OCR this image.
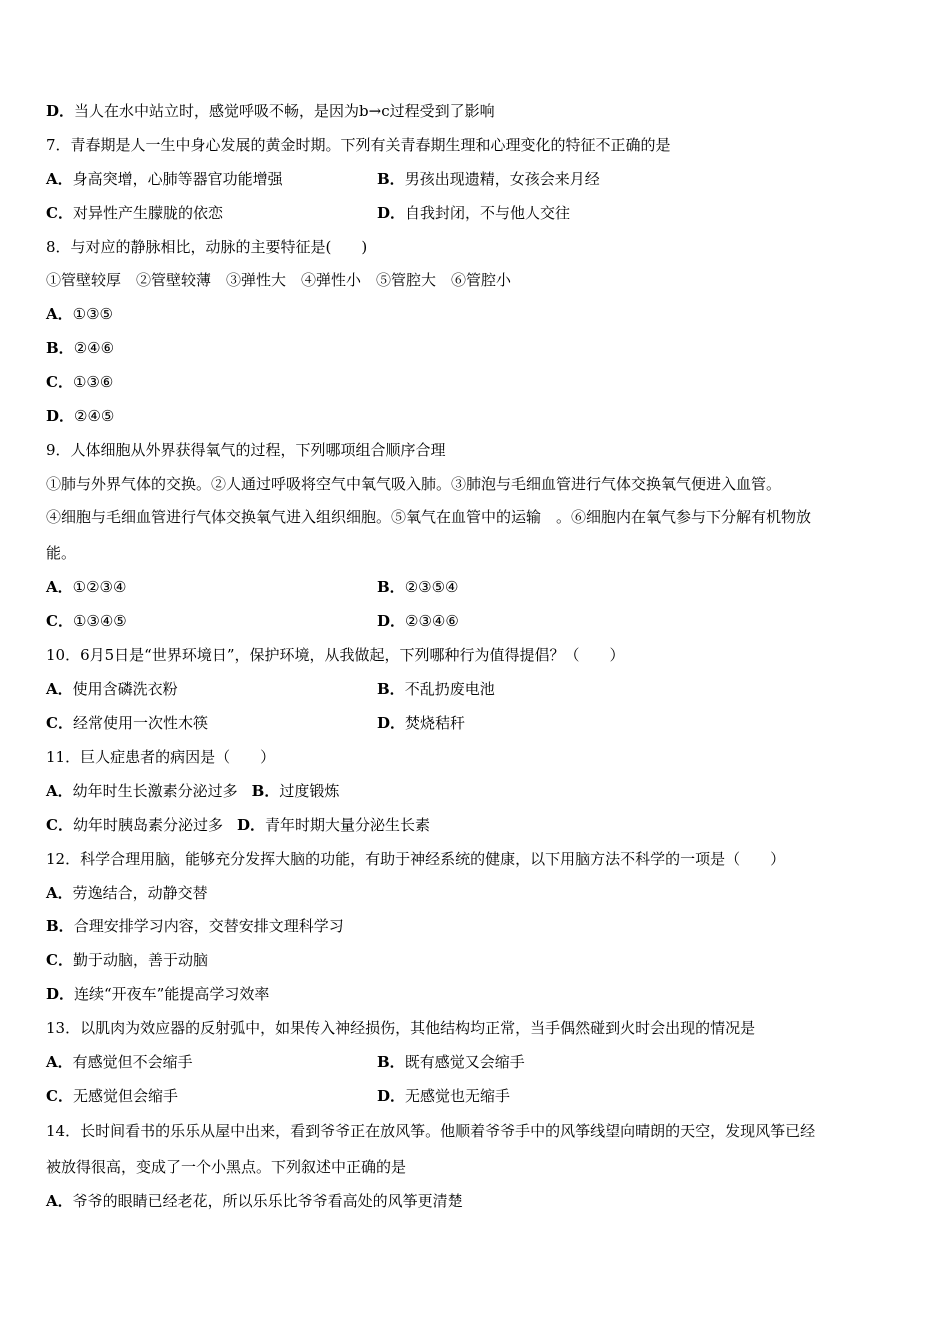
D．当人在水中站立时，感觉呼吸不畅，是因为b→c过程受到了影响
7．青春期是人一生中身心发展的黄金时期。下列有关青春期生理和心理变化的特征不正确的是
A．身高突增，心肺等器官功能增强	B．男孩出现遗精，女孩会来月经
C．对异性产生朦胧的依恋	D．自我封闭，不与他人交往
8．与对应的静脉相比，动脉的主要特征是(　　)
①管壁较厚　②管壁较薄　③弹性大　④弹性小　⑤管腔大　⑥管腔小
A．①③⑤
B．②④⑥
C．①③⑥
D．②④⑤
9．人体细胞从外界获得氧气的过程，下列哪项组合顺序合理
①肺与外界气体的交换。②人通过呼吸将空气中氧气吸入肺。③肺泡与毛细血管进行气体交换氧气便进入血管。
④细胞与毛细血管进行气体交换氧气进入组织细胞。⑤氧气在血管中的运输　。⑥细胞内在氧气参与下分解有机物放
能。
A．①②③④	B．②③⑤④
C．①③④⑤	D．②③④⑥
10．6月5日是“世界环境日”，保护环境，从我做起，下列哪种行为值得提倡？（　　）
A．使用含磷洗衣粉	B．不乱扔废电池
C．经常使用一次性木筷	D．焚烧秸秆
11．巨人症患者的病因是（　　）
A．幼年时生长激素分泌过多 B．过度锻炼
C．幼年时胰岛素分泌过多 D．青年时期大量分泌生长素
12．科学合理用脑，能够充分发挥大脑的功能，有助于神经系统的健康，以下用脑方法不科学的一项是（　　）
A．劳逸结合，动静交替
B．合理安排学习内容，交替安排文理科学习
C．勤于动脑，善于动脑
D．连续“开夜车”能提高学习效率
13．以肌肉为效应器的反射弧中，如果传入神经损伤，其他结构均正常，当手偶然碰到火时会出现的情况是
A．有感觉但不会缩手	B．既有感觉又会缩手
C．无感觉但会缩手	D．无感觉也无缩手
14．长时间看书的乐乐从屋中出来，看到爷爷正在放风筝。他顺着爷爷手中的风筝线望向晴朗的天空，发现风筝已经
被放得很高，变成了一个小黑点。下列叙述中正确的是
A．爷爷的眼睛已经老花，所以乐乐比爷爷看高处的风筝更清楚
